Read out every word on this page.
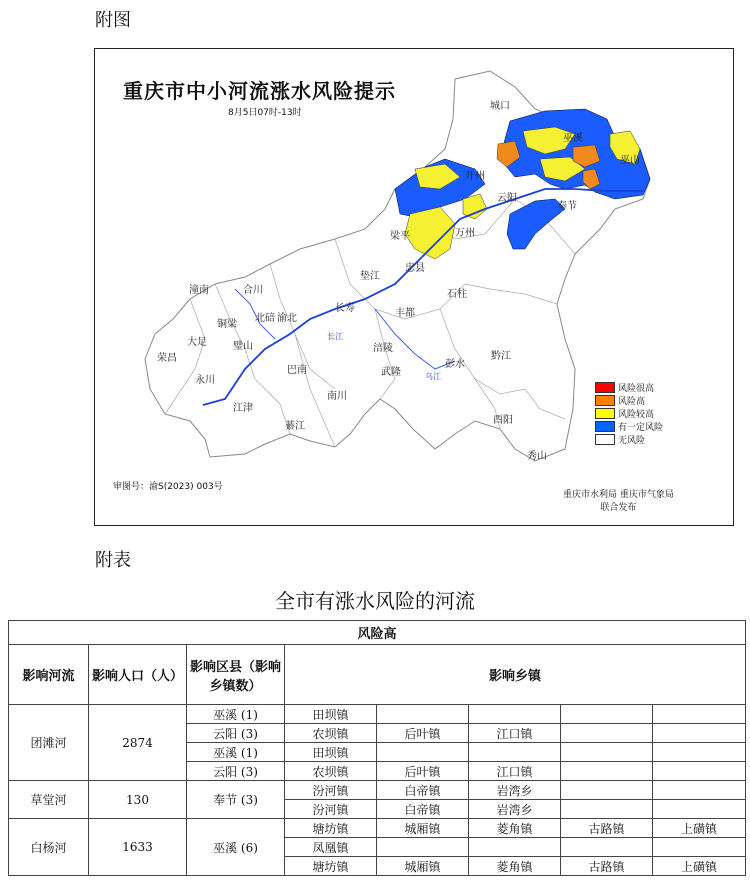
附图
重庆市中小河流涨水风险提示
8月5日07时-13时
城口
开州
云阳
奉节
巫山
巫溪
万州
梁平
垫江
忠县
石柱
长寿	丰都
潼南	合川
铜梁
渝北
北碚
大足	璧山
荣昌
巴南
永川
南川
武隆
彭水
黔江
江津
綦江
酉阳
秀山
涪陵
长江
乌江
风险很高
风险高
风险较高
有一定风险
无风险
审图号：渝S(2023) 003号
重庆市水利局 重庆市气象局
联合发布
附表
全市有涨水风险的河流
风险高							
影响河流	影响人口（人）	影响区县（影响乡镇数）	影响乡镇				
团滩河	2874	巫溪 (1)	田坝镇				
		云阳 (3)	农坝镇	后叶镇	江口镇		
		巫溪 (1)	田坝镇				
		云阳 (3)	农坝镇	后叶镇	江口镇		
草堂河	130	奉节 (3)	汾河镇	白帝镇	岩湾乡		
			汾河镇	白帝镇	岩湾乡		
白杨河	1633	巫溪 (6)	塘坊镇	城厢镇	菱角镇	古路镇	上磺镇
			凤凰镇				
			塘坊镇	城厢镇	菱角镇	古路镇	上磺镇
